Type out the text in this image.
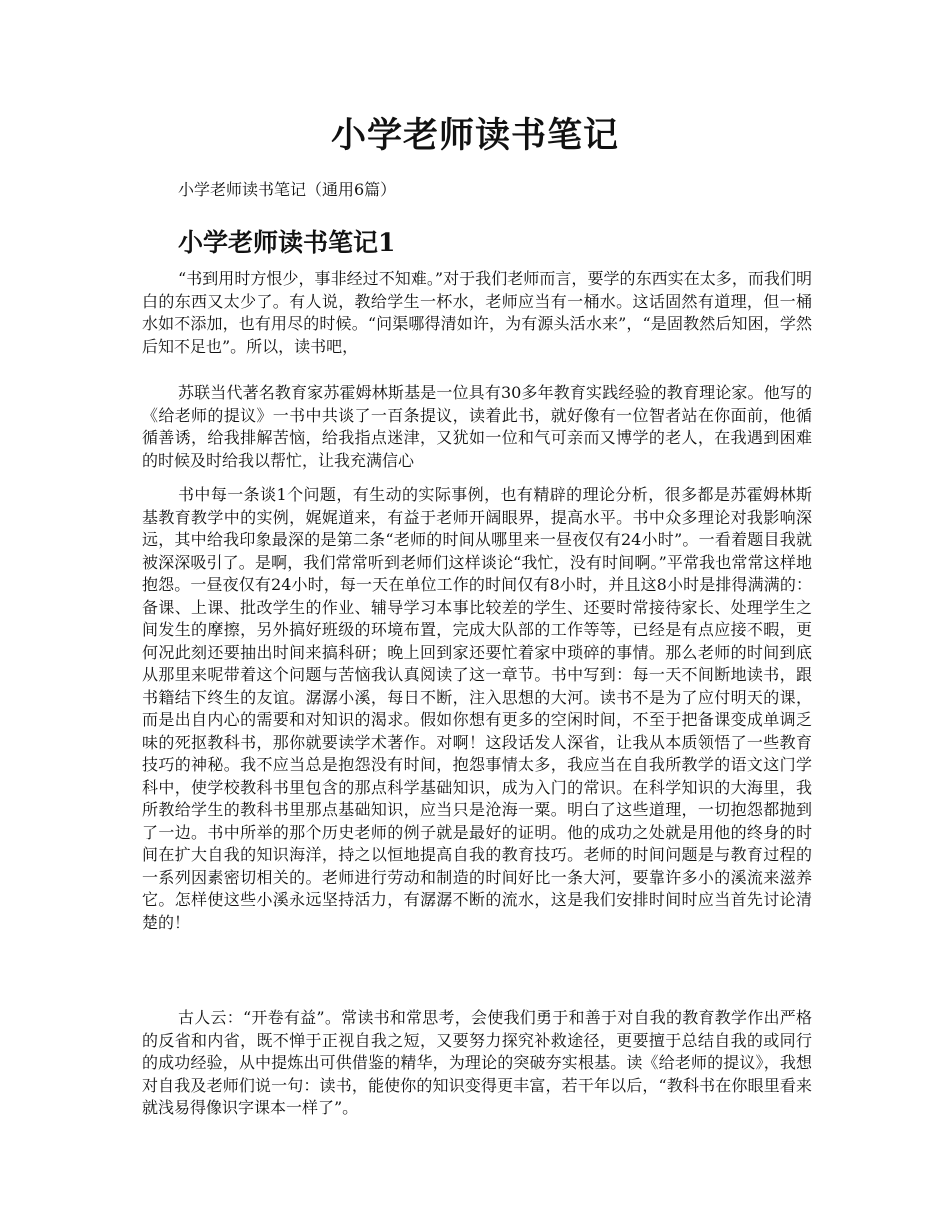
小学老师读书笔记

小学老师读书笔记（通用6篇）

小学老师读书笔记1

“书到用时方恨少，事非经过不知难。”对于我们老师而言，要学的东西实在太多，而我们明白的东西又太少了。有人说，教给学生一杯水，老师应当有一桶水。这话固然有道理，但一桶水如不添加，也有用尽的时候。“问渠哪得清如许，为有源头活水来”，“是固教然后知困，学然后知不足也”。所以，读书吧，

苏联当代著名教育家苏霍姆林斯基是一位具有30多年教育实践经验的教育理论家。他写的《给老师的提议》一书中共谈了一百条提议，读着此书，就好像有一位智者站在你面前，他循循善诱，给我排解苦恼，给我指点迷津，又犹如一位和气可亲而又博学的老人，在我遇到困难的时候及时给我以帮忙，让我充满信心

书中每一条谈1个问题，有生动的实际事例，也有精辟的理论分析，很多都是苏霍姆林斯基教育教学中的实例，娓娓道来，有益于老师开阔眼界，提高水平。书中众多理论对我影响深远，其中给我印象最深的是第二条“老师的时间从哪里来一昼夜仅有24小时”。一看着题目我就被深深吸引了。是啊，我们常常听到老师们这样谈论“我忙，没有时间啊。”平常我也常常这样地抱怨。一昼夜仅有24小时，每一天在单位工作的时间仅有8小时，并且这8小时是排得满满的：备课、上课、批改学生的作业、辅导学习本事比较差的学生、还要时常接待家长、处理学生之间发生的摩擦，另外搞好班级的环境布置，完成大队部的工作等等，已经是有点应接不暇，更何况此刻还要抽出时间来搞科研；晚上回到家还要忙着家中琐碎的事情。那么老师的时间到底从那里来呢带着这个问题与苦恼我认真阅读了这一章节。书中写到：每一天不间断地读书，跟书籍结下终生的友谊。潺潺小溪，每日不断，注入思想的大河。读书不是为了应付明天的课，而是出自内心的需要和对知识的渴求。假如你想有更多的空闲时间，不至于把备课变成单调乏味的死抠教科书，那你就要读学术著作。对啊！这段话发人深省，让我从本质领悟了一些教育技巧的神秘。我不应当总是抱怨没有时间，抱怨事情太多，我应当在自我所教学的语文这门学科中，使学校教科书里包含的那点科学基础知识，成为入门的常识。在科学知识的大海里，我所教给学生的教科书里那点基础知识，应当只是沧海一粟。明白了这些道理，一切抱怨都抛到了一边。书中所举的那个历史老师的例子就是最好的证明。他的成功之处就是用他的终身的时间在扩大自我的知识海洋，持之以恒地提高自我的教育技巧。老师的时间问题是与教育过程的一系列因素密切相关的。老师进行劳动和制造的时间好比一条大河，要靠许多小的溪流来滋养它。怎样使这些小溪永远坚持活力，有潺潺不断的流水，这是我们安排时间时应当首先讨论清楚的！

古人云：“开卷有益”。常读书和常思考，会使我们勇于和善于对自我的教育教学作出严格的反省和内省，既不惮于正视自我之短，又要努力探究补救途径，更要擅于总结自我的或同行的成功经验，从中提炼出可供借鉴的精华，为理论的突破夯实根基。读《给老师的提议》，我想对自我及老师们说一句：读书，能使你的知识变得更丰富，若干年以后，“教科书在你眼里看来就浅易得像识字课本一样了”。
